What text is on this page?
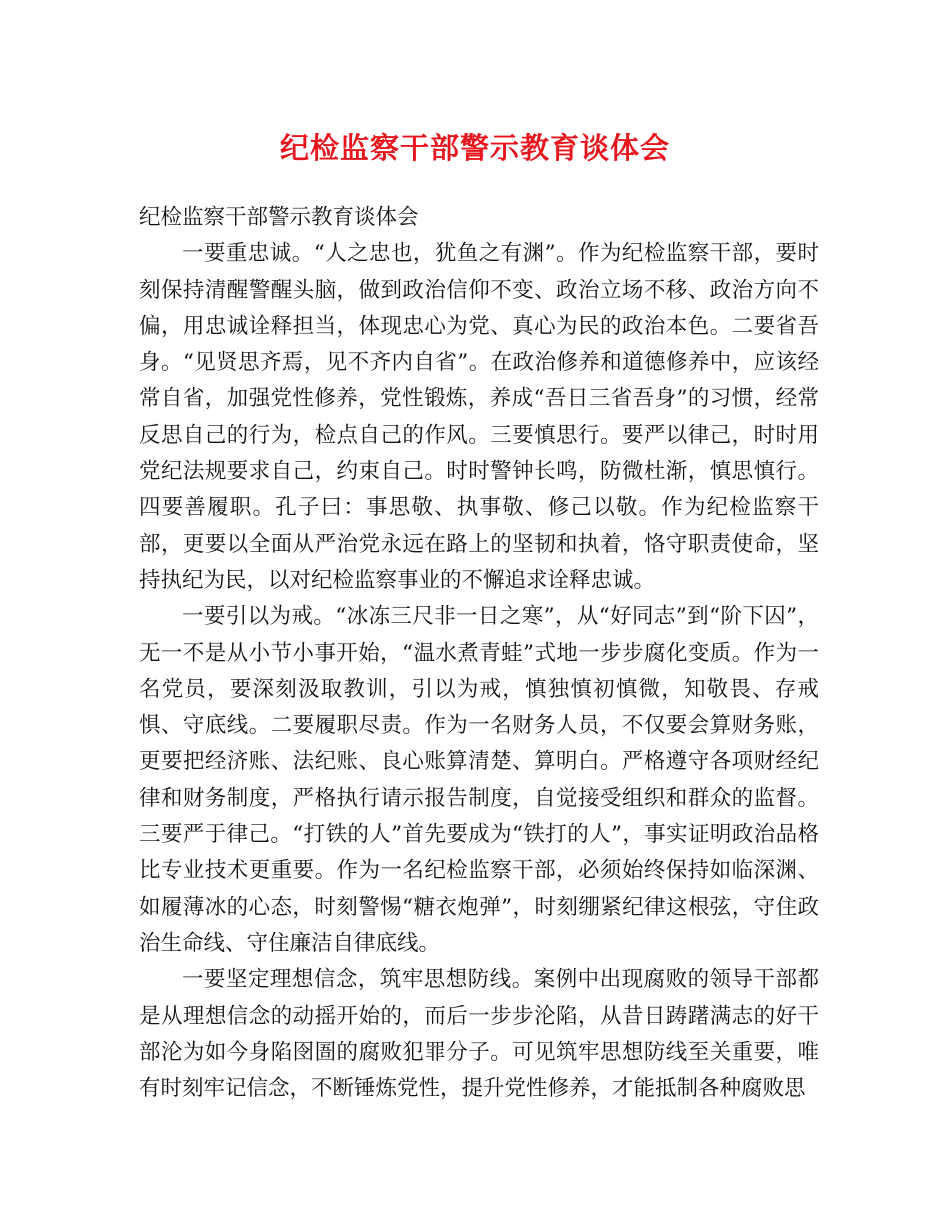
纪检监察干部警示教育谈体会

纪检监察干部警示教育谈体会

一要重忠诚。“人之忠也，犹鱼之有渊”。作为纪检监察干部，要时刻保持清醒警醒头脑，做到政治信仰不变、政治立场不移、政治方向不偏，用忠诚诠释担当，体现忠心为党、真心为民的政治本色。二要省吾身。“见贤思齐焉，见不齐内自省”。在政治修养和道德修养中，应该经常自省，加强党性修养，党性锻炼，养成“吾日三省吾身”的习惯，经常反思自己的行为，检点自己的作风。三要慎思行。要严以律己，时时用党纪法规要求自己，约束自己。时时警钟长鸣，防微杜渐，慎思慎行。四要善履职。孔子曰：事思敬、执事敬、修己以敬。作为纪检监察干部，更要以全面从严治党永远在路上的坚韧和执着，恪守职责使命，坚持执纪为民，以对纪检监察事业的不懈追求诠释忠诚。

一要引以为戒。“冰冻三尺非一日之寒”，从“好同志”到“阶下囚”，无一不是从小节小事开始，“温水煮青蛙”式地一步步腐化变质。作为一名党员，要深刻汲取教训，引以为戒，慎独慎初慎微，知敬畏、存戒惧、守底线。二要履职尽责。作为一名财务人员，不仅要会算财务账，更要把经济账、法纪账、良心账算清楚、算明白。严格遵守各项财经纪律和财务制度，严格执行请示报告制度，自觉接受组织和群众的监督。三要严于律己。“打铁的人”首先要成为“铁打的人”，事实证明政治品格比专业技术更重要。作为一名纪检监察干部，必须始终保持如临深渊、如履薄冰的心态，时刻警惕“糖衣炮弹”，时刻绷紧纪律这根弦，守住政治生命线、守住廉洁自律底线。

一要坚定理想信念，筑牢思想防线。案例中出现腐败的领导干部都是从理想信念的动摇开始的，而后一步步沦陷，从昔日踌躇满志的好干部沦为如今身陷囹圄的腐败犯罪分子。可见筑牢思想防线至关重要，唯有时刻牢记信念，不断锤炼党性，提升党性修养，才能抵制各种腐败思
